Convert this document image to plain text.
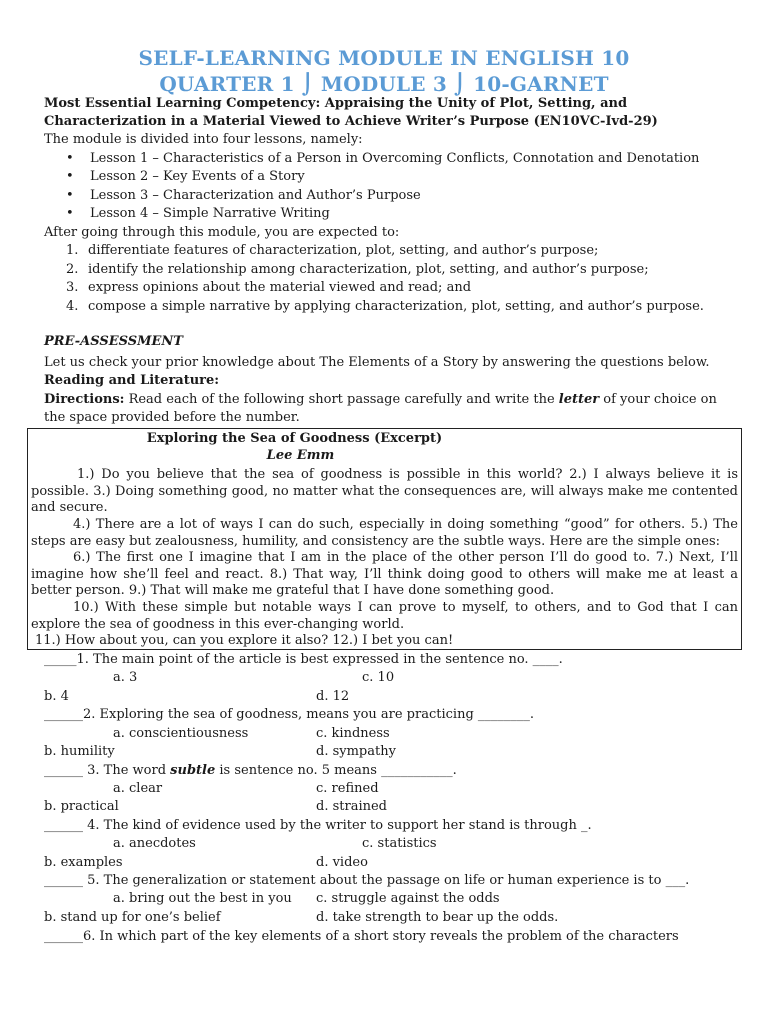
SELF-LEARNING MODULE IN ENGLISH 10
QUARTER 1 ⌡ MODULE 3 ⌡ 10-GARNET
Most Essential Learning Competency: Appraising the Unity of Plot, Setting, and
Characterization in a Material Viewed to Achieve Writer’s Purpose (EN10VC-Ivd-29)
The module is divided into four lessons, namely:
• Lesson 1 – Characteristics of a Person in Overcoming Conflicts, Connotation and Denotation
• Lesson 2 – Key Events of a Story
• Lesson 3 – Characterization and Author’s Purpose
• Lesson 4 – Simple Narrative Writing
After going through this module, you are expected to:
1. differentiate features of characterization, plot, setting, and author’s purpose;
2. identify the relationship among characterization, plot, setting, and author’s purpose;
3. express opinions about the material viewed and read; and
4. compose a simple narrative by applying characterization, plot, setting, and author’s purpose.
PRE-ASSESSMENT
Let us check your prior knowledge about The Elements of a Story by answering the questions below.
Reading and Literature:
Directions: Read each of the following short passage carefully and write the letter of your choice on
the space provided before the number.
Exploring the Sea of Goodness (Excerpt)
Lee Emm

1.) Do you believe that the sea of goodness is possible in this world? 2.) I always believe it is possible. 3.) Doing something good, no matter what the consequences are, will always make me contented and secure.

4.) There are a lot of ways I can do such, especially in doing something “good” for others. 5.) The steps are easy but zealousness, humility, and consistency are the subtle ways. Here are the simple ones:

6.) The first one I imagine that I am in the place of the other person I’ll do good to. 7.) Next, I’ll imagine how she’ll feel and react. 8.) That way, I’ll think doing good to others will make me at least a better person. 9.) That will make me grateful that I have done something good.

10.) With these simple but notable ways I can prove to myself, to others, and to God that I can explore the sea of goodness in this ever-changing world.

11.) How about you, can you explore it also? 12.) I bet you can!

_____1. The main point of the article is best expressed in the sentence no. ____.
a. 3	c. 10
b. 4	d. 12
______2. Exploring the sea of goodness, means you are practicing ________.
a. conscientiousness	c. kindness
b. humility	d. sympathy
______ 3. The word subtle is sentence no. 5 means ___________.
a. clear	c. refined
b. practical	d. strained
______ 4. The kind of evidence used by the writer to support her stand is through _.
a. anecdotes	c. statistics
b. examples	d. video
______ 5. The generalization or statement about the passage on life or human experience is to ___.
a. bring out the best in you c. struggle against the odds
b. stand up for one’s belief	d. take strength to bear up the odds.
______6. In which part of the key elements of a short story reveals the problem of the characters
